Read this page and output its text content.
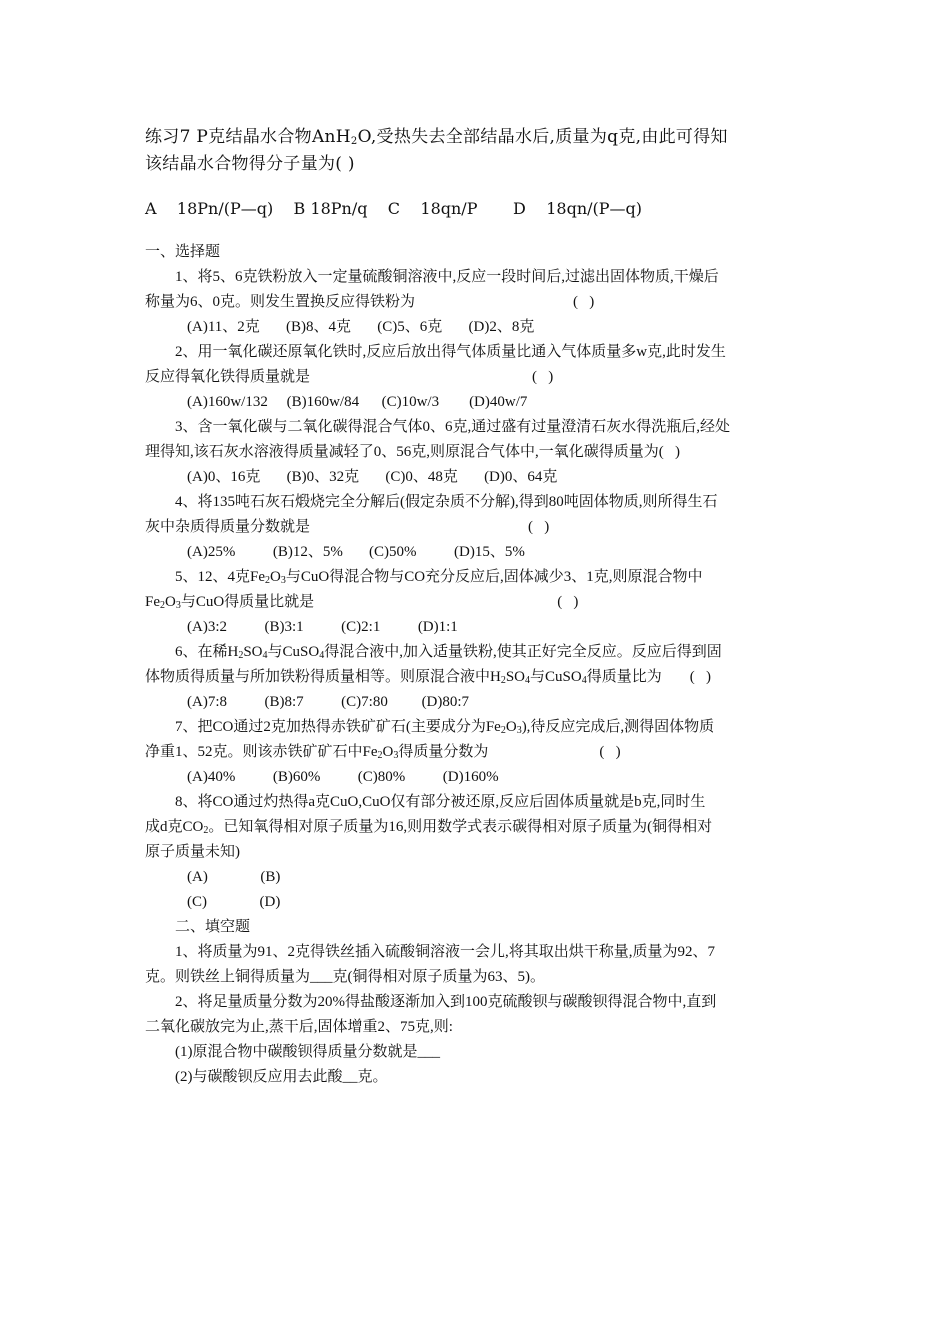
练习7 P克结晶水合物AnH$_2$O,受热失去全部结晶水后,质量为q克,由此可得知
该结晶水合物得分子量为( )
A    18Pn/(P—q)    B 18Pn/q    C    18qn/P       D    18qn/(P—q)
一、选择题
1、将5、6克铁粉放入一定量硫酸铜溶液中,反应一段时间后,过滤出固体物质,干燥后
称量为6、0克。则发生置换反应得铁粉为	(   )
(A)11、2克       (B)8、4克       (C)5、6克       (D)2、8克
2、用一氧化碳还原氧化铁时,反应后放出得气体质量比通入气体质量多w克,此时发生
反应得氧化铁得质量就是	(   )
(A)160w/132     (B)160w/84      (C)10w/3        (D)40w/7
3、含一氧化碳与二氧化碳得混合气体0、6克,通过盛有过量澄清石灰水得洗瓶后,经处
理得知,该石灰水溶液得质量减轻了0、56克,则原混合气体中,一氧化碳得质量为(   )
(A)0、16克       (B)0、32克       (C)0、48克       (D)0、64克
4、将135吨石灰石煅烧完全分解后(假定杂质不分解),得到80吨固体物质,则所得生石
灰中杂质得质量分数就是	(   )
(A)25%          (B)12、5%       (C)50%          (D)15、5%
5、12、4克$Fe_2O_3$与CuO得混合物与CO充分反应后,固体减少3、1克,则原混合物中
$Fe_2O_3$与CuO得质量比就是	(   )
(A)3:2          (B)3:1          (C)2:1          (D)1:1
6、在稀$H_2SO_4$与CuSO$_4$得混合液中,加入适量铁粉,使其正好完全反应。反应后得到固
体物质得质量与所加铁粉得质量相等。则原混合液中$H_2SO_4$与CuSO$_4$得质量比为 (   )
(A)7:8          (B)8:7          (C)7:80         (D)80:7
7、把CO通过2克加热得赤铁矿矿石(主要成分为$Fe_2O_3$),待反应完成后,测得固体物质
净重1、52克。则该赤铁矿矿石中$Fe_2O_3$得质量分数为	(   )
(A)40%          (B)60%          (C)80%          (D)160%
8、将CO通过灼热得a克CuO,CuO仅有部分被还原,反应后固体质量就是b克,同时生
成d克$CO_2$。已知氧得相对原子质量为16,则用数学式表示碳得相对原子质量为(铜得相对
原子质量未知)
(A)              (B)
(C)              (D)
二、填空题
1、将质量为91、2克得铁丝插入硫酸铜溶液一会儿,将其取出烘干称量,质量为92、7
克。则铁丝上铜得质量为___克(铜得相对原子质量为63、5)。
2、将足量质量分数为20%得盐酸逐渐加入到100克硫酸钡与碳酸钡得混合物中,直到
二氧化碳放完为止,蒸干后,固体增重2、75克,则:
(1)原混合物中碳酸钡得质量分数就是___
(2)与碳酸钡反应用去此酸__克。
